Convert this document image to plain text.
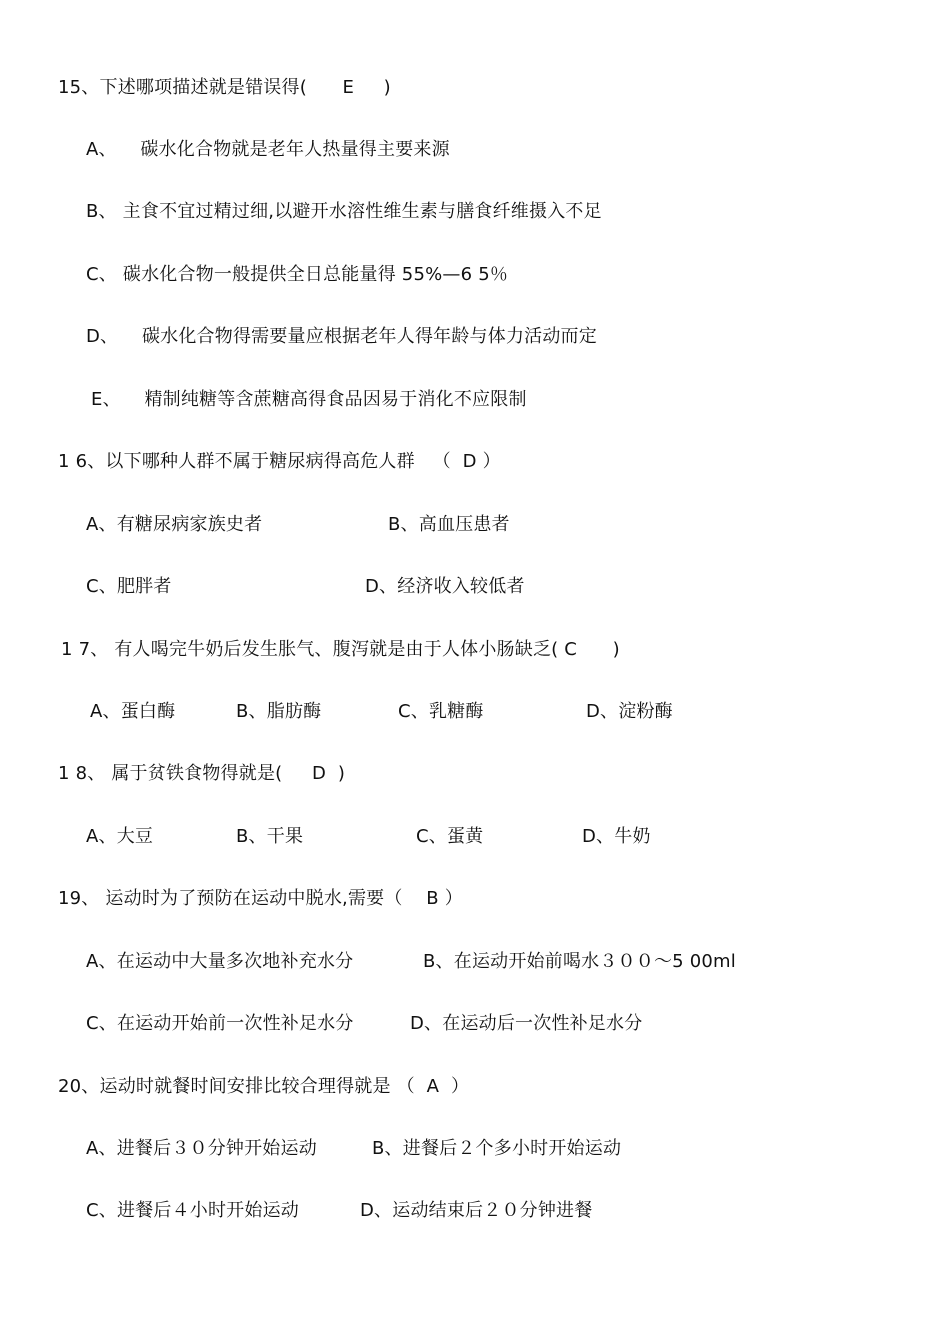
15、下述哪项描述就是错误得(      E     )
A、    碳水化合物就是老年人热量得主要来源
B、 主食不宜过精过细,以避开水溶性维生素与膳食纤维摄入不足
C、 碳水化合物一般提供全日总能量得 55%—6 5％
D、    碳水化合物得需要量应根据老年人得年龄与体力活动而定
E、    精制纯糖等含蔗糖高得食品因易于消化不应限制
1 6、以下哪种人群不属于糖尿病得高危人群   （  D ）
A、有糖尿病家族史者	B、高血压患者
C、肥胖者	D、经济收入较低者
1 7、 有人喝完牛奶后发生胀气、腹泻就是由于人体小肠缺乏( C      )
A、蛋白酶	B、脂肪酶	C、乳糖酶	D、淀粉酶
1 8、 属于贫铁食物得就是(     D  )
A、大豆	B、干果	C、蛋黄	D、牛奶
19、 运动时为了预防在运动中脱水,需要（    B ）
A、在运动中大量多次地补充水分	B、在运动开始前喝水３００～5 00ml
C、在运动开始前一次性补足水分	D、在运动后一次性补足水分
20、运动时就餐时间安排比较合理得就是 （  A  ）
A、进餐后３０分钟开始运动	B、进餐后２个多小时开始运动
C、进餐后４小时开始运动	D、运动结束后２０分钟进餐
